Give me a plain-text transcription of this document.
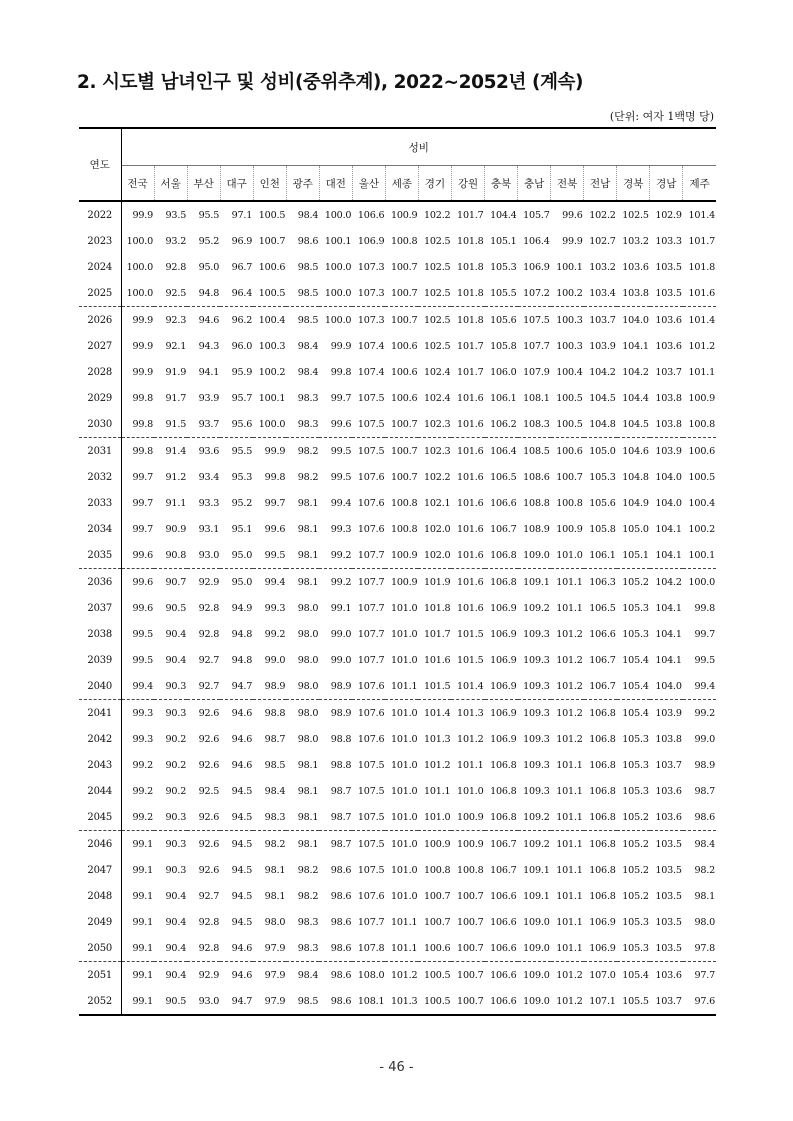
2. 시도별 남녀인구 및 성비(중위추계), 2022~2052년 (계속)
(단위: 여자 1백명 당)
연도	성비																	
	전국	서울	부산	대구	인천	광주	대전	울산	세종	경기	강원	충북	충남	전북	전남	경북	경남	제주
2022	99.9	93.5	95.5	97.1	100.5	98.4	100.0	106.6	100.9	102.2	101.7	104.4	105.7	99.6	102.2	102.5	102.9	101.4
2023	100.0	93.2	95.2	96.9	100.7	98.6	100.1	106.9	100.8	102.5	101.8	105.1	106.4	99.9	102.7	103.2	103.3	101.7
2024	100.0	92.8	95.0	96.7	100.6	98.5	100.0	107.3	100.7	102.5	101.8	105.3	106.9	100.1	103.2	103.6	103.5	101.8
2025	100.0	92.5	94.8	96.4	100.5	98.5	100.0	107.3	100.7	102.5	101.8	105.5	107.2	100.2	103.4	103.8	103.5	101.6
2026	99.9	92.3	94.6	96.2	100.4	98.5	100.0	107.3	100.7	102.5	101.8	105.6	107.5	100.3	103.7	104.0	103.6	101.4
2027	99.9	92.1	94.3	96.0	100.3	98.4	99.9	107.4	100.6	102.5	101.7	105.8	107.7	100.3	103.9	104.1	103.6	101.2
2028	99.9	91.9	94.1	95.9	100.2	98.4	99.8	107.4	100.6	102.4	101.7	106.0	107.9	100.4	104.2	104.2	103.7	101.1
2029	99.8	91.7	93.9	95.7	100.1	98.3	99.7	107.5	100.6	102.4	101.6	106.1	108.1	100.5	104.5	104.4	103.8	100.9
2030	99.8	91.5	93.7	95.6	100.0	98.3	99.6	107.5	100.7	102.3	101.6	106.2	108.3	100.5	104.8	104.5	103.8	100.8
2031	99.8	91.4	93.6	95.5	99.9	98.2	99.5	107.5	100.7	102.3	101.6	106.4	108.5	100.6	105.0	104.6	103.9	100.6
2032	99.7	91.2	93.4	95.3	99.8	98.2	99.5	107.6	100.7	102.2	101.6	106.5	108.6	100.7	105.3	104.8	104.0	100.5
2033	99.7	91.1	93.3	95.2	99.7	98.1	99.4	107.6	100.8	102.1	101.6	106.6	108.8	100.8	105.6	104.9	104.0	100.4
2034	99.7	90.9	93.1	95.1	99.6	98.1	99.3	107.6	100.8	102.0	101.6	106.7	108.9	100.9	105.8	105.0	104.1	100.2
2035	99.6	90.8	93.0	95.0	99.5	98.1	99.2	107.7	100.9	102.0	101.6	106.8	109.0	101.0	106.1	105.1	104.1	100.1
2036	99.6	90.7	92.9	95.0	99.4	98.1	99.2	107.7	100.9	101.9	101.6	106.8	109.1	101.1	106.3	105.2	104.2	100.0
2037	99.6	90.5	92.8	94.9	99.3	98.0	99.1	107.7	101.0	101.8	101.6	106.9	109.2	101.1	106.5	105.3	104.1	99.8
2038	99.5	90.4	92.8	94.8	99.2	98.0	99.0	107.7	101.0	101.7	101.5	106.9	109.3	101.2	106.6	105.3	104.1	99.7
2039	99.5	90.4	92.7	94.8	99.0	98.0	99.0	107.7	101.0	101.6	101.5	106.9	109.3	101.2	106.7	105.4	104.1	99.5
2040	99.4	90.3	92.7	94.7	98.9	98.0	98.9	107.6	101.1	101.5	101.4	106.9	109.3	101.2	106.7	105.4	104.0	99.4
2041	99.3	90.3	92.6	94.6	98.8	98.0	98.9	107.6	101.0	101.4	101.3	106.9	109.3	101.2	106.8	105.4	103.9	99.2
2042	99.3	90.2	92.6	94.6	98.7	98.0	98.8	107.6	101.0	101.3	101.2	106.9	109.3	101.2	106.8	105.3	103.8	99.0
2043	99.2	90.2	92.6	94.6	98.5	98.1	98.8	107.5	101.0	101.2	101.1	106.8	109.3	101.1	106.8	105.3	103.7	98.9
2044	99.2	90.2	92.5	94.5	98.4	98.1	98.7	107.5	101.0	101.1	101.0	106.8	109.3	101.1	106.8	105.3	103.6	98.7
2045	99.2	90.3	92.6	94.5	98.3	98.1	98.7	107.5	101.0	101.0	100.9	106.8	109.2	101.1	106.8	105.2	103.6	98.6
2046	99.1	90.3	92.6	94.5	98.2	98.1	98.7	107.5	101.0	100.9	100.9	106.7	109.2	101.1	106.8	105.2	103.5	98.4
2047	99.1	90.3	92.6	94.5	98.1	98.2	98.6	107.5	101.0	100.8	100.8	106.7	109.1	101.1	106.8	105.2	103.5	98.2
2048	99.1	90.4	92.7	94.5	98.1	98.2	98.6	107.6	101.0	100.7	100.7	106.6	109.1	101.1	106.8	105.2	103.5	98.1
2049	99.1	90.4	92.8	94.5	98.0	98.3	98.6	107.7	101.1	100.7	100.7	106.6	109.0	101.1	106.9	105.3	103.5	98.0
2050	99.1	90.4	92.8	94.6	97.9	98.3	98.6	107.8	101.1	100.6	100.7	106.6	109.0	101.1	106.9	105.3	103.5	97.8
2051	99.1	90.4	92.9	94.6	97.9	98.4	98.6	108.0	101.2	100.5	100.7	106.6	109.0	101.2	107.0	105.4	103.6	97.7
2052	99.1	90.5	93.0	94.7	97.9	98.5	98.6	108.1	101.3	100.5	100.7	106.6	109.0	101.2	107.1	105.5	103.7	97.6
- 46 -
